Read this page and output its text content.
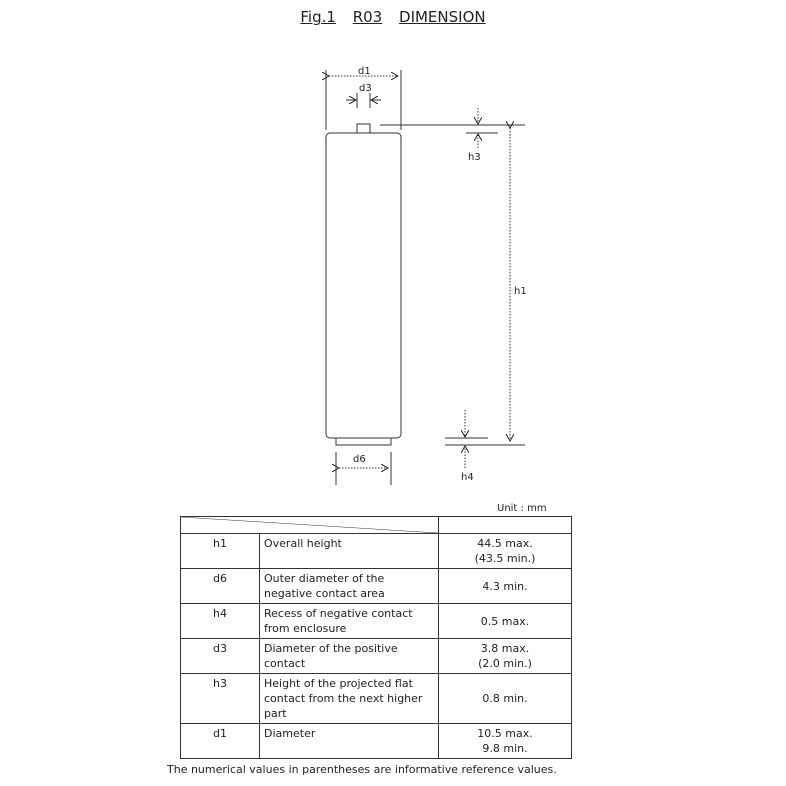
Fig.1 R03 DIMENSION
d1
d3
h3
h1
h4
d6
Unit : mm

h1	Overall height	44.5 max.
(43.5 min.)

d6	Outer diameter of the negative contact area	4.3 min.

h4	Recess of negative contact from enclosure	0.5 max.

d3	Diameter of the positive contact	3.8 max.
(2.0 min.)

h3	Height of the projected flat contact from the next higher part	0.8 min.

d1	Diameter	10.5 max.
9.8 min.
The numerical values in parentheses are informative reference values.
